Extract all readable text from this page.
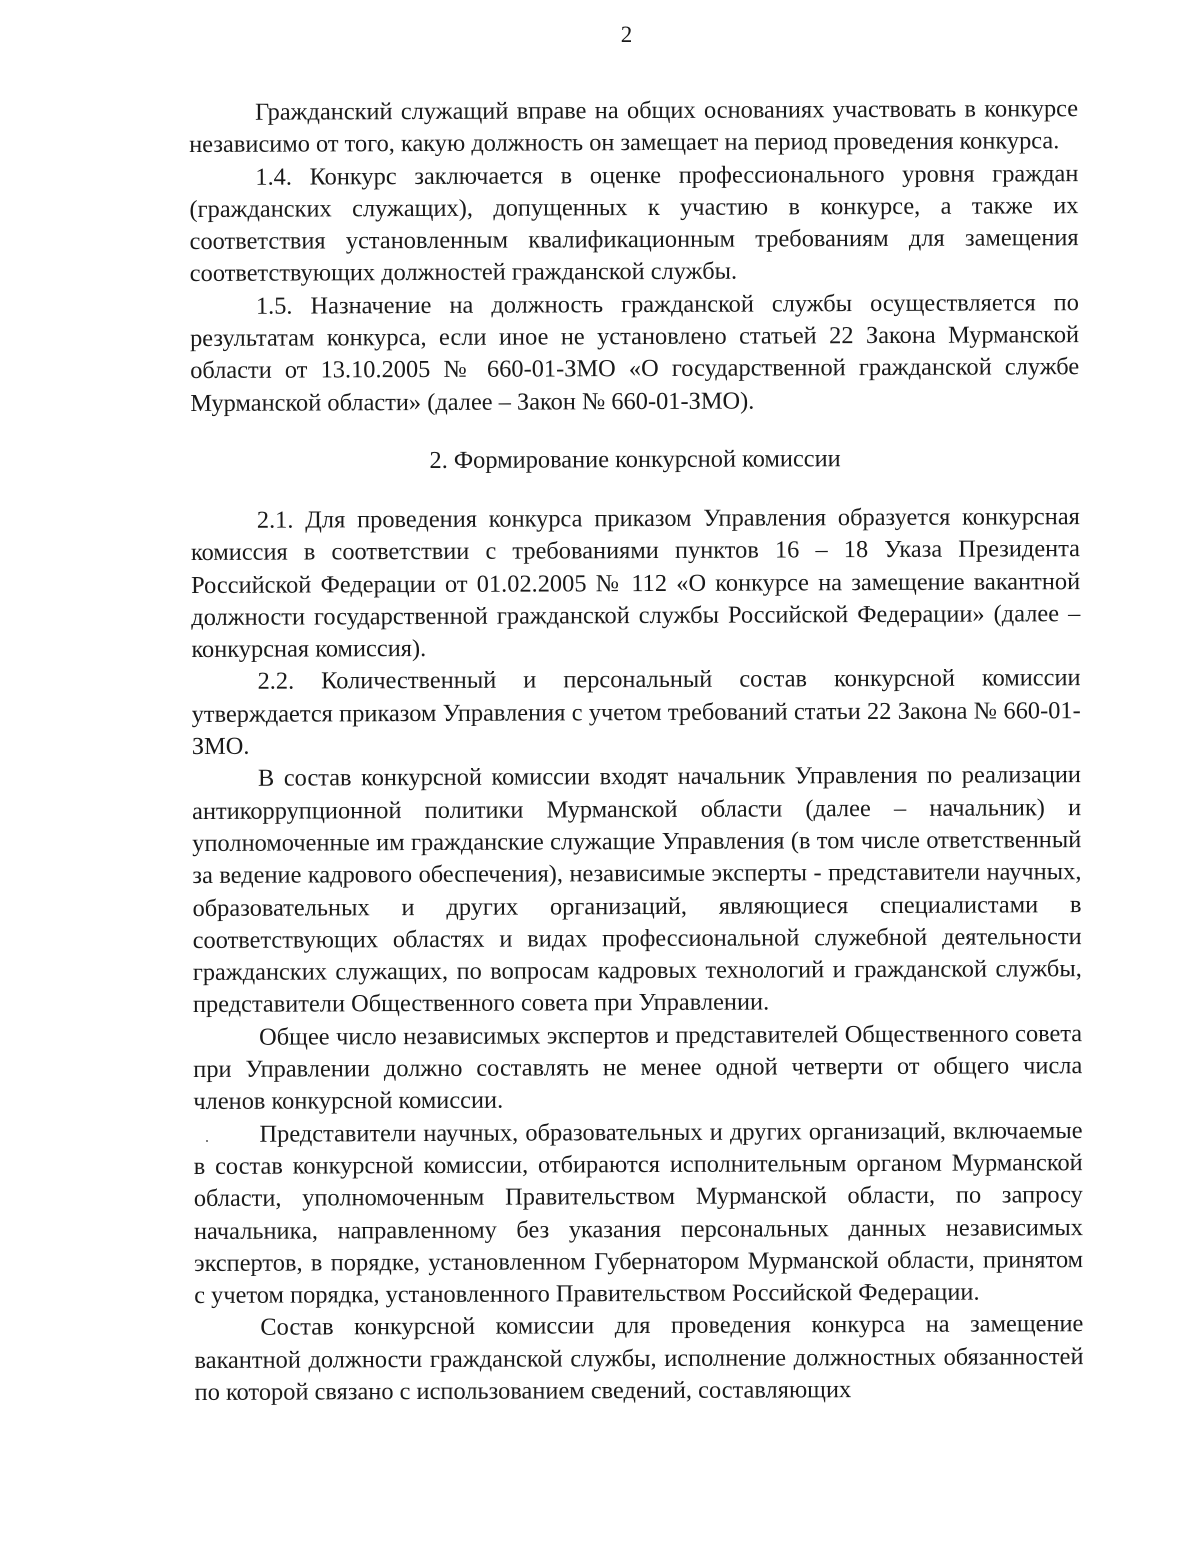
2

Гражданский служащий вправе на общих основаниях участвовать в конкурсе независимо от того, какую должность он замещает на период проведения конкурса.

1.4. Конкурс заключается в оценке профессионального уровня граждан (гражданских служащих), допущенных к участию в конкурсе, а также их соответствия установленным квалификационным требованиям для замещения соответствующих должностей гражданской службы.

1.5. Назначение на должность гражданской службы осуществляется по результатам конкурса, если иное не установлено статьей 22 Закона Мурманской области от 13.10.2005 № 660-01-ЗМО «О государственной гражданской службе Мурманской области» (далее – Закон № 660-01-ЗМО).

2. Формирование конкурсной комиссии

2.1. Для проведения конкурса приказом Управления образуется конкурсная комиссия в соответствии с требованиями пунктов 16 – 18 Указа Президента Российской Федерации от 01.02.2005 № 112 «О конкурсе на замещение вакантной должности государственной гражданской службы Российской Федерации» (далее – конкурсная комиссия).

2.2. Количественный и персональный состав конкурсной комиссии утверждается приказом Управления с учетом требований статьи 22 Закона № 660-01-ЗМО.

В состав конкурсной комиссии входят начальник Управления по реализации антикоррупционной политики Мурманской области (далее – начальник) и уполномоченные им гражданские служащие Управления (в том числе ответственный за ведение кадрового обеспечения), независимые эксперты - представители научных, образовательных и других организаций, являющиеся специалистами в соответствующих областях и видах профессиональной служебной деятельности гражданских служащих, по вопросам кадровых технологий и гражданской службы, представители Общественного совета при Управлении.

Общее число независимых экспертов и представителей Общественного совета при Управлении должно составлять не менее одной четверти от общего числа членов конкурсной комиссии.

Представители научных, образовательных и других организаций, включаемые в состав конкурсной комиссии, отбираются исполнительным органом Мурманской области, уполномоченным Правительством Мурманской области, по запросу начальника, направленному без указания персональных данных независимых экспертов, в порядке, установленном Губернатором Мурманской области, принятом с учетом порядка, установленного Правительством Российской Федерации.

Состав конкурсной комиссии для проведения конкурса на замещение вакантной должности гражданской службы, исполнение должностных обязанностей по которой связано с использованием сведений, составляющих
